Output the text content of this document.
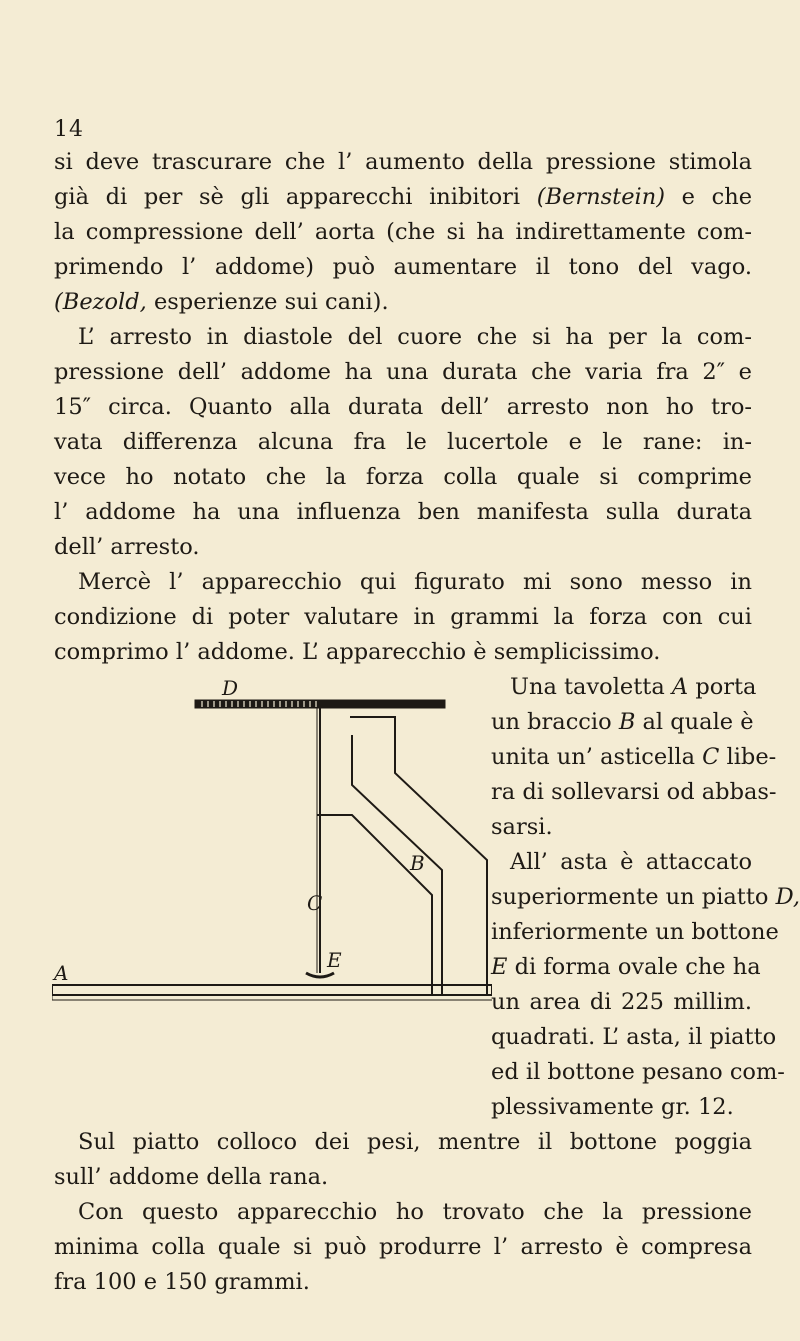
14
si deve trascurare che l’ aumento della pressione stimola
già di per sè gli apparecchi inibitori (Bernstein) e che
la compressione dell’ aorta (che si ha indirettamente com-
primendo l’ addome) può aumentare il tono del vago.
(Bezold, esperienze sui cani).
L’ arresto in diastole del cuore che si ha per la com-
pressione dell’ addome ha una durata che varia fra 2″ e
15″ circa. Quanto alla durata dell’ arresto non ho tro-
vata differenza alcuna fra le lucertole e le rane: in-
vece ho notato che la forza colla quale si comprime
l’ addome ha una influenza ben manifesta sulla durata
dell’ arresto.
Mercè l’ apparecchio qui figurato mi sono messo in
condizione di poter valutare in grammi la forza con cui
comprimo l’ addome. L’ apparecchio è semplicissimo.
Una tavoletta A porta
un braccio B al quale è
unita un’ asticella C libe-
ra di sollevarsi od abbas-
sarsi.
All’ asta è attaccato
superiormente un piatto D,
inferiormente un bottone
E di forma ovale che ha
un area di 225 millim.
quadrati. L’ asta, il piatto
ed il bottone pesano com-
plessivamente gr. 12.
Sul piatto colloco dei pesi, mentre il bottone poggia
sull’ addome della rana.
Con questo apparecchio ho trovato che la pressione
minima colla quale si può produrre l’ arresto è compresa
fra 100 e 150 grammi.
D
B
C
E
A
